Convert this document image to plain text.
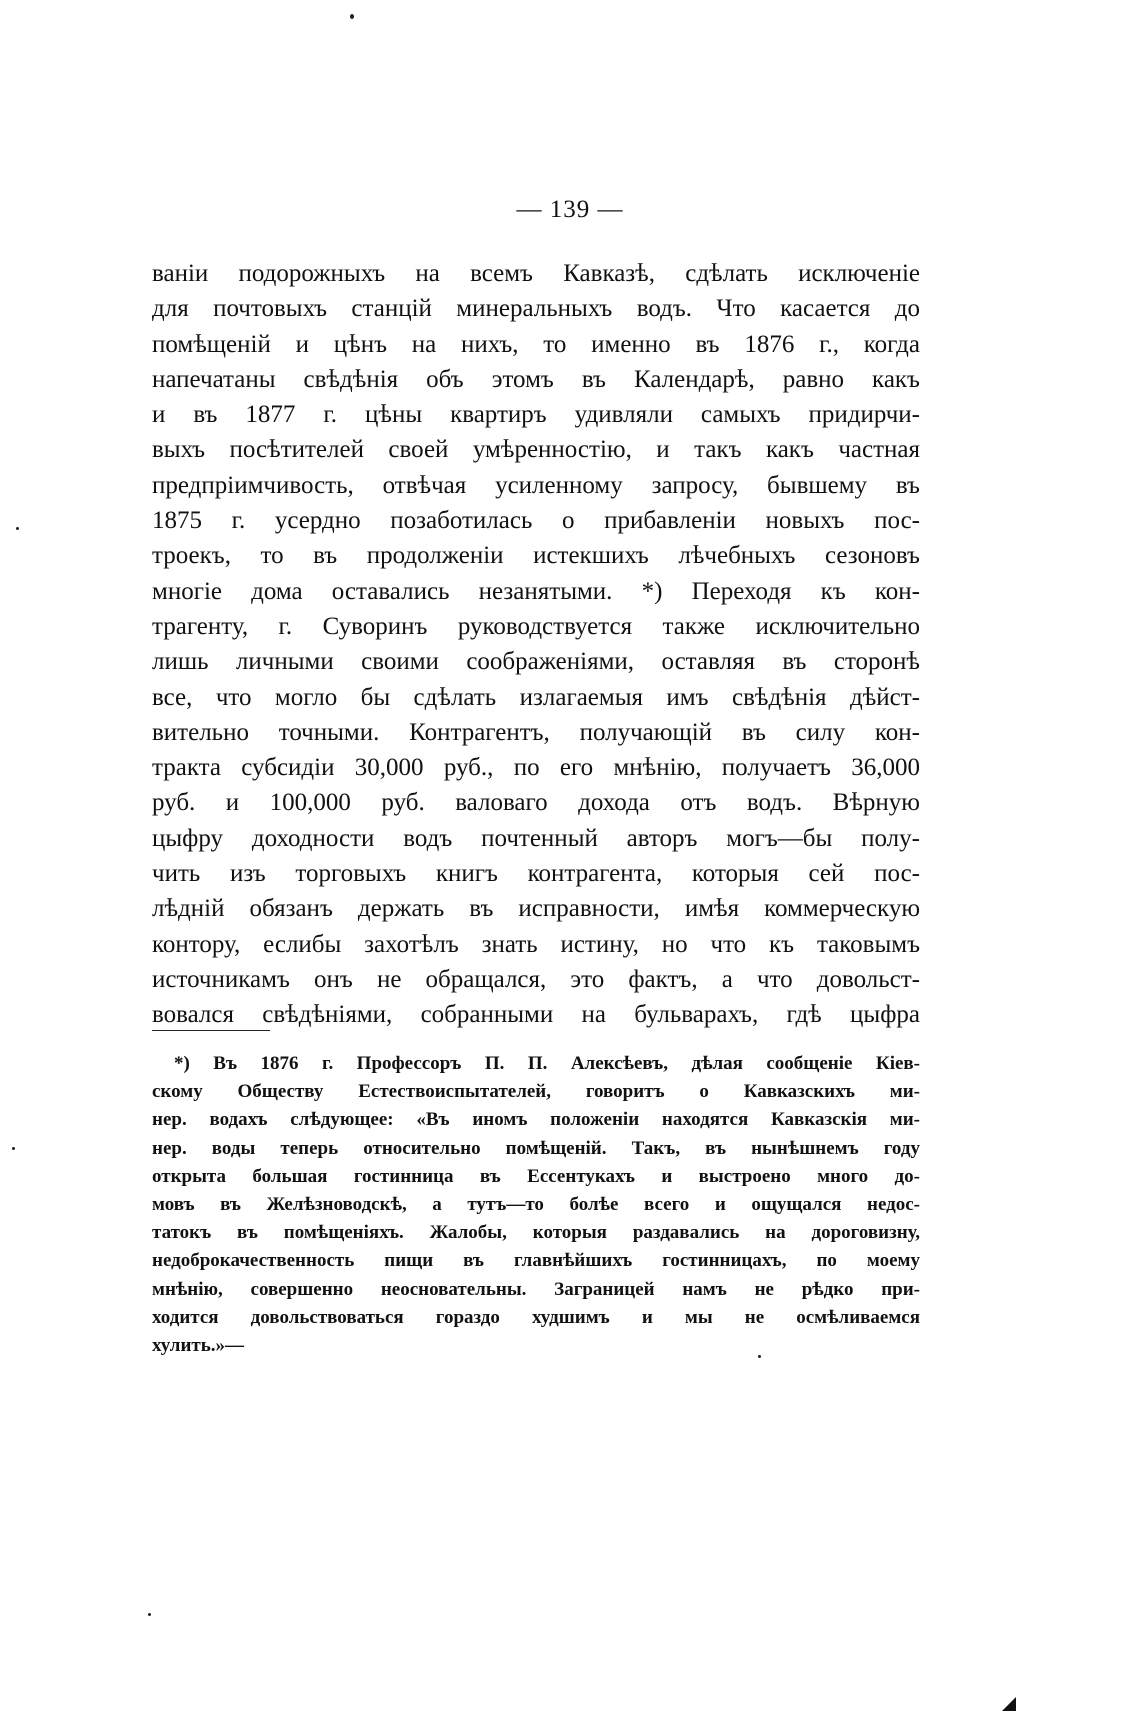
— 139 —
ваніи подорожныхъ на всемъ Кавказѣ, сдѣлать исключеніе
для почтовыхъ станцій минеральныхъ водъ. Что касается до
помѣщеній и цѣнъ на нихъ, то именно въ 1876 г., когда
напечатаны свѣдѣнія объ этомъ въ Календарѣ, равно какъ
и въ 1877 г. цѣны квартиръ удивляли самыхъ придирчи-
выхъ посѣтителей своей умѣренностію, и такъ какъ частная
предпріимчивость, отвѣчая усиленному запросу, бывшему въ
1875 г. усердно позаботилась о прибавленіи новыхъ пос-
троекъ, то въ продолженіи истекшихъ лѣчебныхъ сезоновъ
многіе дома оставались незанятыми. *) Переходя къ кон-
трагенту, г. Суворинъ руководствуется также исключительно
лишь личными своими соображеніями, оставляя въ сторонѣ
все, что могло бы сдѣлать излагаемыя имъ свѣдѣнія дѣйст-
вительно точными. Контрагентъ, получающій въ силу кон-
тракта субсидіи 30,000 руб., по его мнѣнію, получаетъ 36,000
руб. и 100,000 руб. валоваго дохода отъ водъ. Вѣрную
цыфру доходности водъ почтенный авторъ могъ—бы полу-
чить изъ торговыхъ книгъ контрагента, которыя сей пос-
лѣдній обязанъ держать въ исправности, имѣя коммерческую
контору, еслибы захотѣлъ знать истину, но что къ таковымъ
источникамъ онъ не обращался, это фактъ, а что довольст-
вовался свѣдѣніями, собранными на бульварахъ, гдѣ цыфра
*) Въ 1876 г. Профессоръ П. П. Алексѣевъ, дѣлая сообщеніе Кіев-
скому Обществу Естествоиспытателей, говоритъ о Кавказскихъ ми-
нер. водахъ слѣдующее: «Въ иномъ положеніи находятся Кавказскія ми-
нер. воды теперь относительно помѣщеній. Такъ, въ нынѣшнемъ году
открыта большая гостинница въ Ессентукахъ и выстроено много до-
мовъ въ Желѣзноводскѣ, а тутъ—то болѣе всего и ощущался недос-
татокъ въ помѣщеніяхъ. Жалобы, которыя раздавались на дороговизну,
недоброкачественность пищи въ главнѣйшихъ гостинницахъ, по моему
мнѣнію, совершенно неосновательны. Заграницей намъ не рѣдко при-
ходится довольствоваться гораздо худшимъ и мы не осмѣливаемся
хулить.»—
